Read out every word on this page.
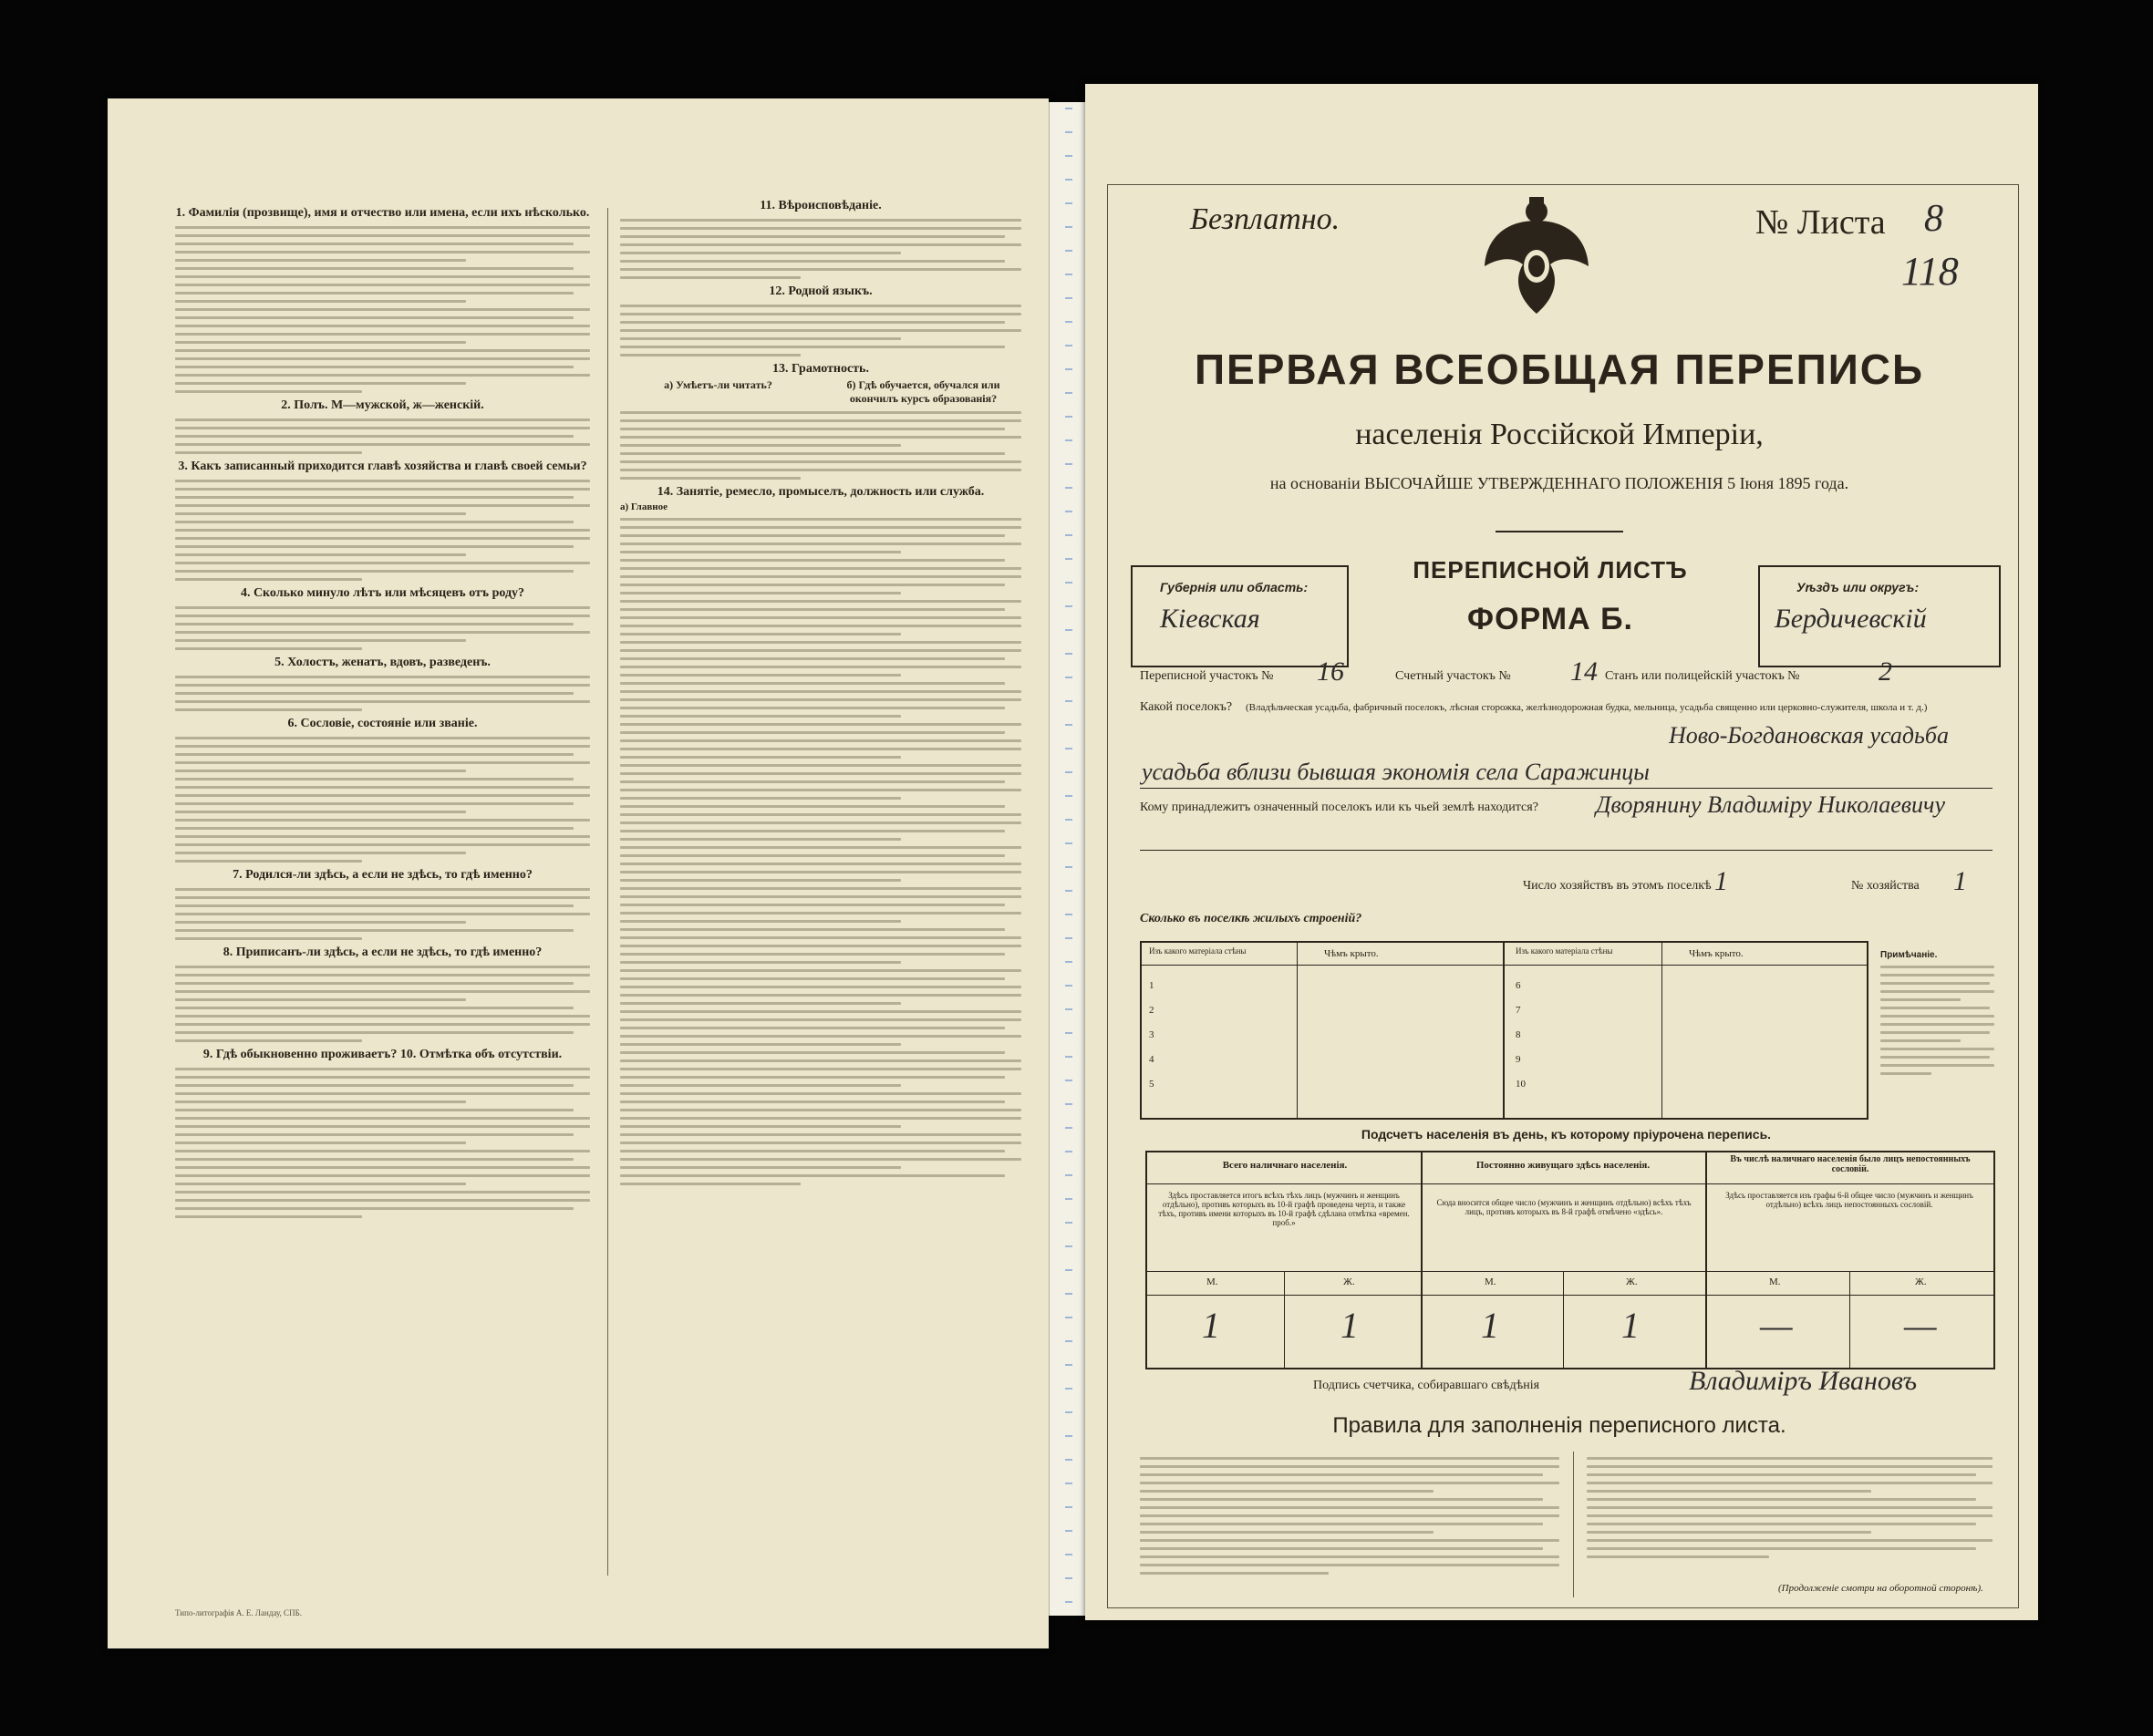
1. Фамилія (прозвище), имя и отчество или имена, если ихъ нѣсколько.
2. Полъ. М—мужской, ж—женскій.
3. Какъ записанный приходится главѣ хозяйства и главѣ своей семьи?
4. Сколько минуло лѣтъ или мѣсяцевъ отъ роду?
5. Холостъ, женатъ, вдовъ, разведенъ.
6. Сословіе, состояніе или званіе.
7. Родился-ли здѣсь, а если не здѣсь, то гдѣ именно?
8. Приписанъ-ли здѣсь, а если не здѣсь, то гдѣ именно?
9. Гдѣ обыкновенно проживаетъ? 10. Отмѣтка объ отсутствіи.
11. Вѣроисповѣданіе.
12. Родной языкъ.
13. Грамотность.
а) Умѣетъ-ли читать?	б) Гдѣ обучается, обучался или окончилъ курсъ образованія?
14. Занятіе, ремесло, промыселъ, должность или служба.
а) Главное
Типо-литографія А. Е. Ландау, СПБ.
Безплатно.	№ Листа 8
118
ПЕРВАЯ ВСЕОБЩАЯ ПЕРЕПИСЬ
населенія Россійской Имперіи,
на основаніи ВЫСОЧАЙШЕ УТВЕРЖДЕННАГО ПОЛОЖЕНІЯ 5 Іюня 1895 года.
Губернія или область:
Кіевская
ПЕРЕПИСНОЙ ЛИСТЪ
ФОРМА Б.
Уѣздъ или округъ:
Бердичевскій
Переписной участокъ № 16	Счетный участокъ № 14 Станъ или полицейскій участокъ №	2
Какой поселокъ? (Владѣльческая усадьба, фабричный поселокъ, лѣсная сторожка, желѣзнодорожная будка, мельница, усадьба священно или церковно-служителя, школа и т. д.)
Ново-Богдановская усадьба
усадьба вблизи бывшая экономія села Саражинцы
Кому принадлежитъ означенный поселокъ или къ чьей землѣ находится? Дворянину Владиміру Николаевичу
Число хозяйствъ въ этомъ поселкѣ 1	№ хозяйства 1
Сколько въ поселкѣ жилыхъ строеній?
Изъ какого матеріала стѣны	Чѣмъ крыто.	Изъ какого матеріала стѣны	Чѣмъ крыто.
1
2
3
4
5
6
7
8
9
10
Примѣчаніе.
Подсчетъ населенія въ день, къ которому пріурочена перепись.
Всего наличнаго населенія.	Постоянно живущаго здѣсь населенія.
Въ числѣ наличнаго населенія было лицъ непостоянныхъ сословій.
Здѣсь проставляется итогъ всѣхъ тѣхъ лицъ (мужчинъ и женщинъ отдѣльно), противъ которыхъ въ 10-й графѣ проведена черта, и также тѣхъ, противъ имени которыхъ въ 10-й графѣ сдѣлана отмѣтка «времен. проб.»
Сюда вносится общее число (мужчинъ и женщинъ отдѣльно) всѣхъ тѣхъ лицъ, противъ которыхъ въ 8-й графѣ отмѣчено «здѣсь».
Здѣсь проставляется изъ графы 6-й общее число (мужчинъ и женщинъ отдѣльно) всѣхъ лицъ непостоянныхъ сословій.
М.	Ж.	М.	Ж.	М.	Ж.
1	1	1	1	—	—
Подпись счетчика, собиравшаго свѣдѣнія	Владиміръ Ивановъ
Правила для заполненія переписного листа.
(Продолженіе смотри на оборотной сторонѣ).
